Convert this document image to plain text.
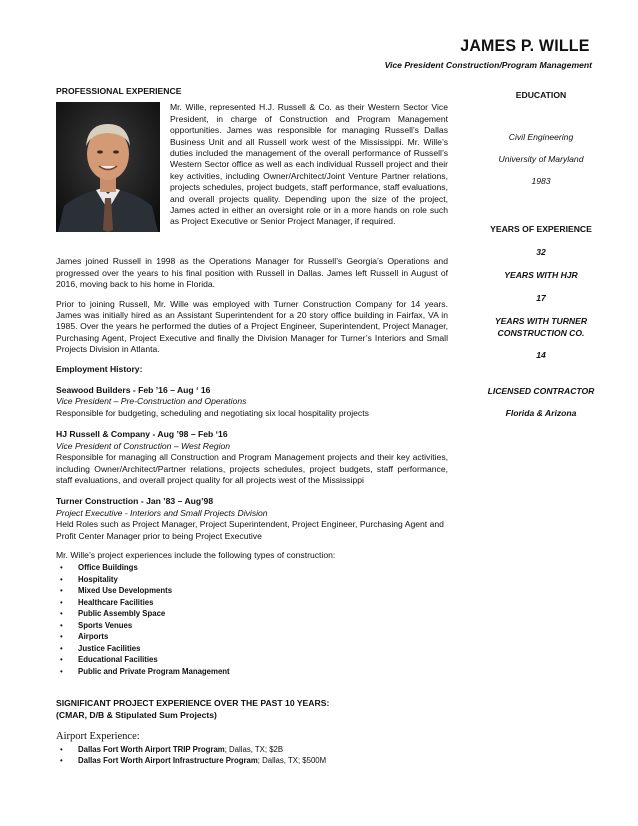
JAMES P. WILLE
Vice President Construction/Program Management
PROFESSIONAL EXPERIENCE
Mr. Wille, represented H.J. Russell & Co. as their Western Sector Vice President, in charge of Construction and Program Management opportunities. James was responsible for managing Russell’s Dallas Business Unit and all Russell work west of the Mississippi. Mr. Wille’s duties included the management of the overall performance of Russell’s Western Sector office as well as each individual Russell project and their key activities, including Owner/Architect/Joint Venture Partner relations, projects schedules, project budgets, staff performance, staff evaluations, and overall projects quality. Depending upon the size of the project, James acted in either an oversight role or in a more hands on role such as Project Executive or Senior Project Manager, if required.
James joined Russell in 1998 as the Operations Manager for Russell’s Georgia’s Operations and progressed over the years to his final position with Russell in Dallas. James left Russell in August of 2016, moving back to his home in Florida.
Prior to joining Russell, Mr. Wille was employed with Turner Construction Company for 14 years. James was initially hired as an Assistant Superintendent for a 20 story office building in Fairfax, VA in 1985. Over the years he performed the duties of a Project Engineer, Superintendent, Project Manager, Purchasing Agent, Project Executive and finally the Division Manager for Turner’s Interiors and Small Projects Division in Atlanta.
Employment History:
Seawood Builders - Feb ’16 – Aug ‘ 16
Vice President – Pre-Construction and Operations
Responsible for budgeting, scheduling and negotiating six local hospitality projects
HJ Russell & Company - Aug ’98 – Feb ‘16
Vice President of Construction – West Region
Responsible for managing all Construction and Program Management projects and their key activities, including Owner/Architect/Partner relations, projects schedules, project budgets, staff performance, staff evaluations, and overall project quality for all projects west of the Mississippi
Turner Construction - Jan ’83 – Aug’98
Project Executive - Interiors and Small Projects Division
Held Roles such as Project Manager, Project Superintendent, Project Engineer, Purchasing Agent and Profit Center Manager prior to being Project Executive
Mr. Wille’s project experiences include the following types of construction:
• Office Buildings
• Hospitality
• Mixed Use Developments
• Healthcare Facilities
• Public Assembly Space
• Sports Venues
• Airports
• Justice Facilities
• Educational Facilities
• Public and Private Program Management
SIGNIFICANT PROJECT EXPERIENCE OVER THE PAST 10 YEARS:
(CMAR, D/B & Stipulated Sum Projects)
Airport Experience:
• Dallas Fort Worth Airport TRIP Program; Dallas, TX; $2B
• Dallas Fort Worth Airport Infrastructure Program; Dallas, TX; $500M
EDUCATION
Civil Engineering
University of Maryland
1983
YEARS OF EXPERIENCE
32
YEARS WITH HJR
17
YEARS WITH TURNER CONSTRUCTION CO.
14
LICENSED CONTRACTOR
Florida & Arizona
